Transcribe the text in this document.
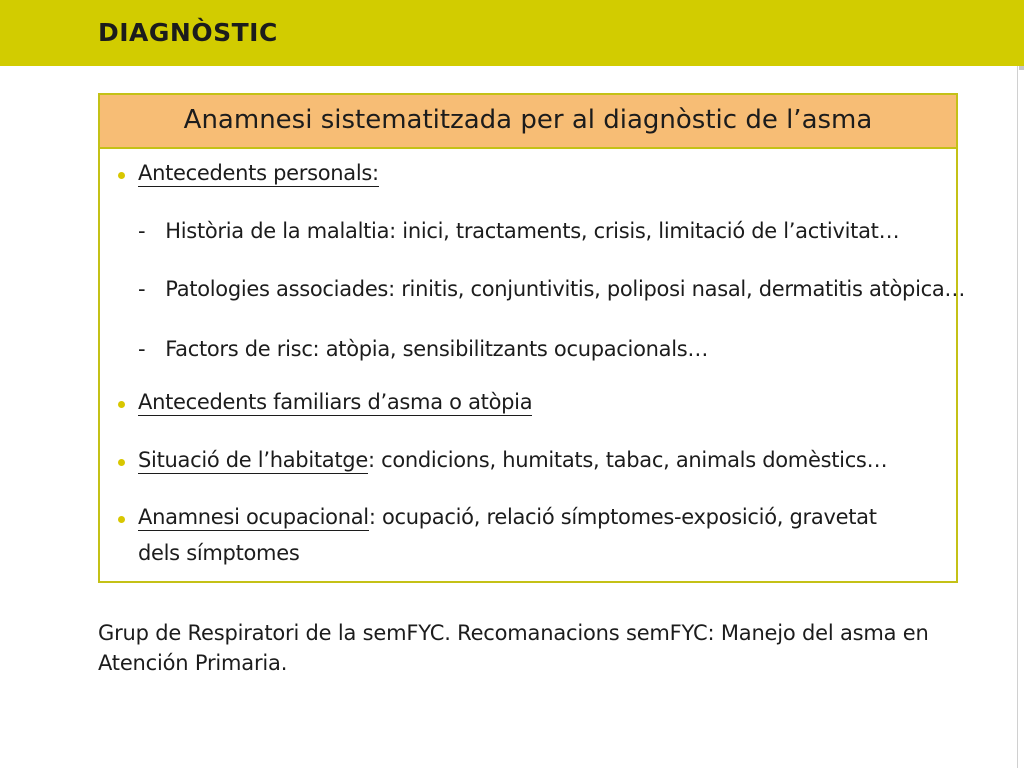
DIAGNÒSTIC
Anamnesi sistematitzada per al diagnòstic de l’asma
Antecedents personals:
- Història de la malaltia: inici, tractaments, crisis, limitació de l’activitat…
- Patologies associades: rinitis, conjuntivitis, poliposi nasal, dermatitis atòpica…
- Factors de risc: atòpia, sensibilitzants ocupacionals…
Antecedents familiars d’asma o atòpia
Situació de l’habitatge: condicions, humitats, tabac, animals domèstics…
Anamnesi ocupacional: ocupació, relació símptomes-exposició, gravetat
dels símptomes
Grup de Respiratori de la semFYC. Recomanacions semFYC: Manejo del asma en
Atención Primaria.
